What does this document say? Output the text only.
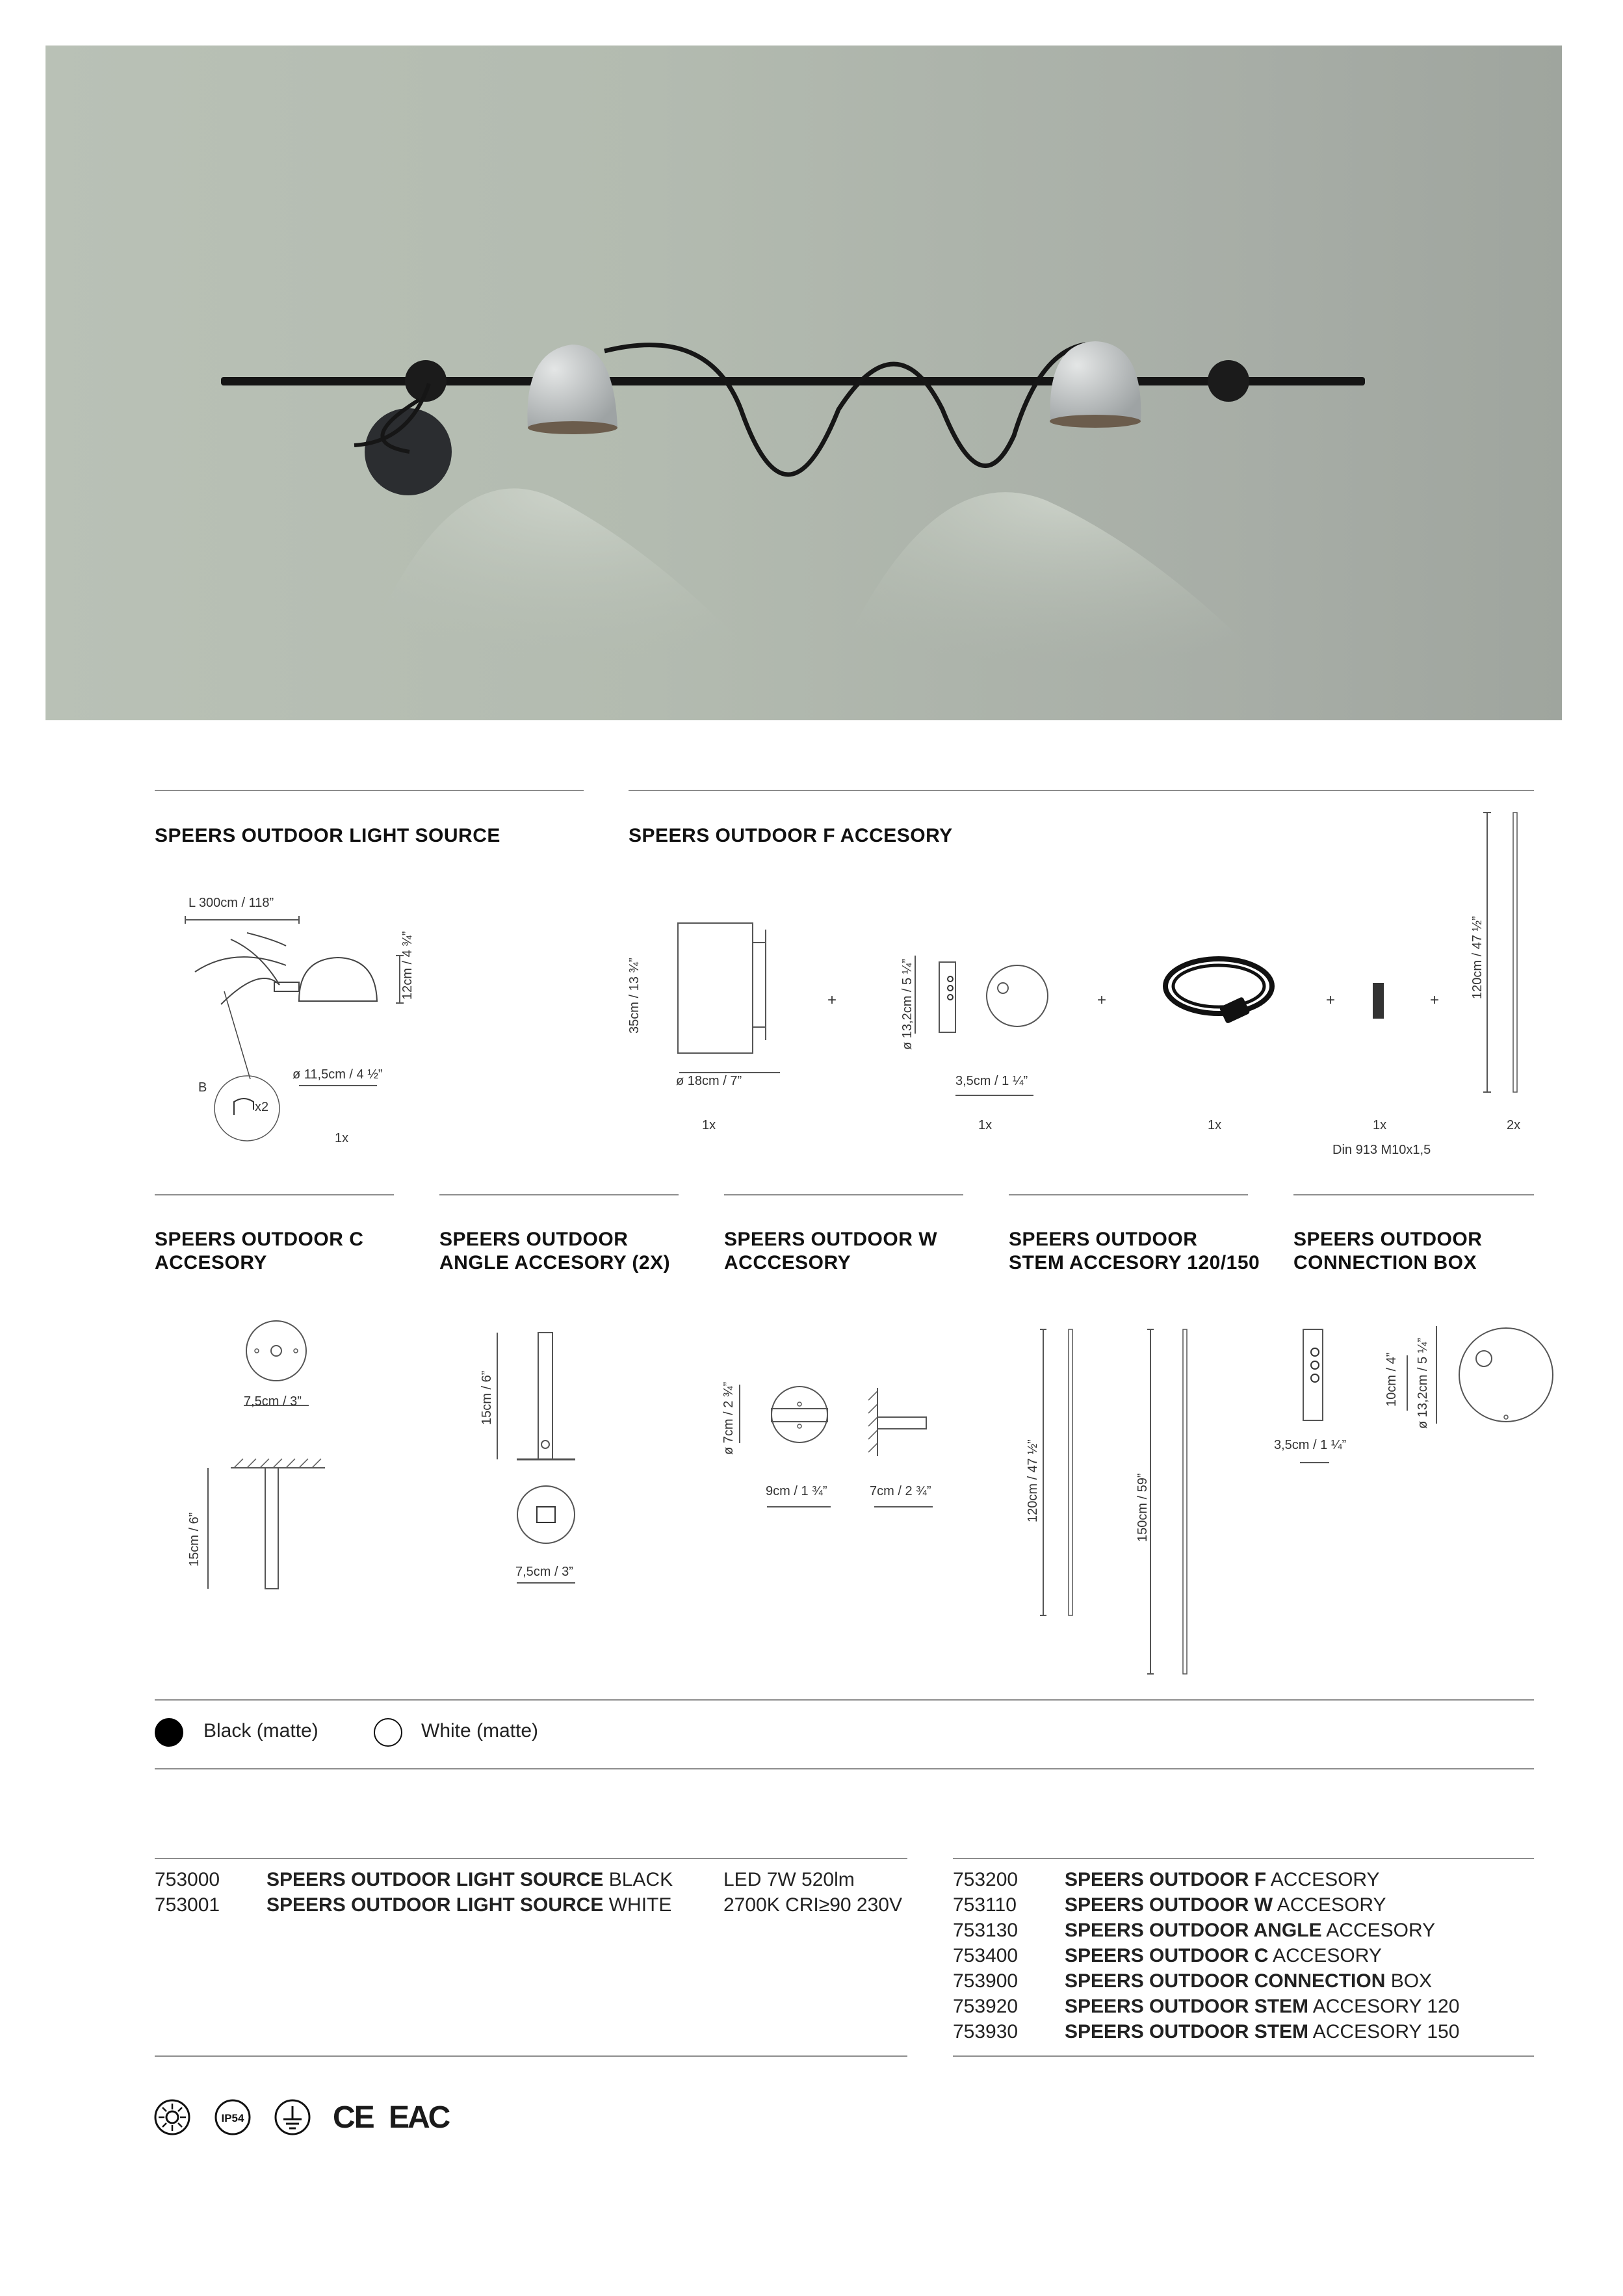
SPEERS OUTDOOR LIGHT SOURCE	SPEERS OUTDOOR F ACCESORY
L 300cm / 118”
12cm / 4 ¾”
ø 11,5cm / 4 ½”
B
x2
1x
35cm / 13 ¾”
ø 18cm / 7”
1x
+	ø 13,2cm / 5 ¼”
3,5cm / 1 ¼”
1x
+
1x
+
1x
Din 913 M10x1,5
+
120cm / 47 ½”
2x
SPEERS OUTDOOR C
ACCESORY
SPEERS OUTDOOR
ANGLE ACCESORY (2X)
SPEERS OUTDOOR W
ACCCESORY
SPEERS OUTDOOR
STEM ACCESORY 120/150
SPEERS OUTDOOR
CONNECTION BOX
7,5cm / 3”
15cm / 6”
15cm / 6”
7,5cm / 3”
ø 7cm / 2 ¾”
9cm / 1 ¾”	7cm / 2 ¾”	120cm / 47 ½”	150cm / 59”
3,5cm / 1 ¼”
10cm / 4” ø 13,2cm / 5 ¼”
Black (matte)	White (matte)
753000	SPEERS OUTDOOR LIGHT SOURCE BLACK
753001	SPEERS OUTDOOR LIGHT SOURCE WHITE
LED 7W 520lm
2700K CRI≥90 230V
753200	SPEERS OUTDOOR F ACCESORY
753110	SPEERS OUTDOOR W ACCESORY
753130	SPEERS OUTDOOR ANGLE ACCESORY
753400	SPEERS OUTDOOR C ACCESORY
753900	SPEERS OUTDOOR CONNECTION BOX
753920	SPEERS OUTDOOR STEM ACCESORY 120
753930	SPEERS OUTDOOR STEM ACCESORY 150
IP54	CE EAC
